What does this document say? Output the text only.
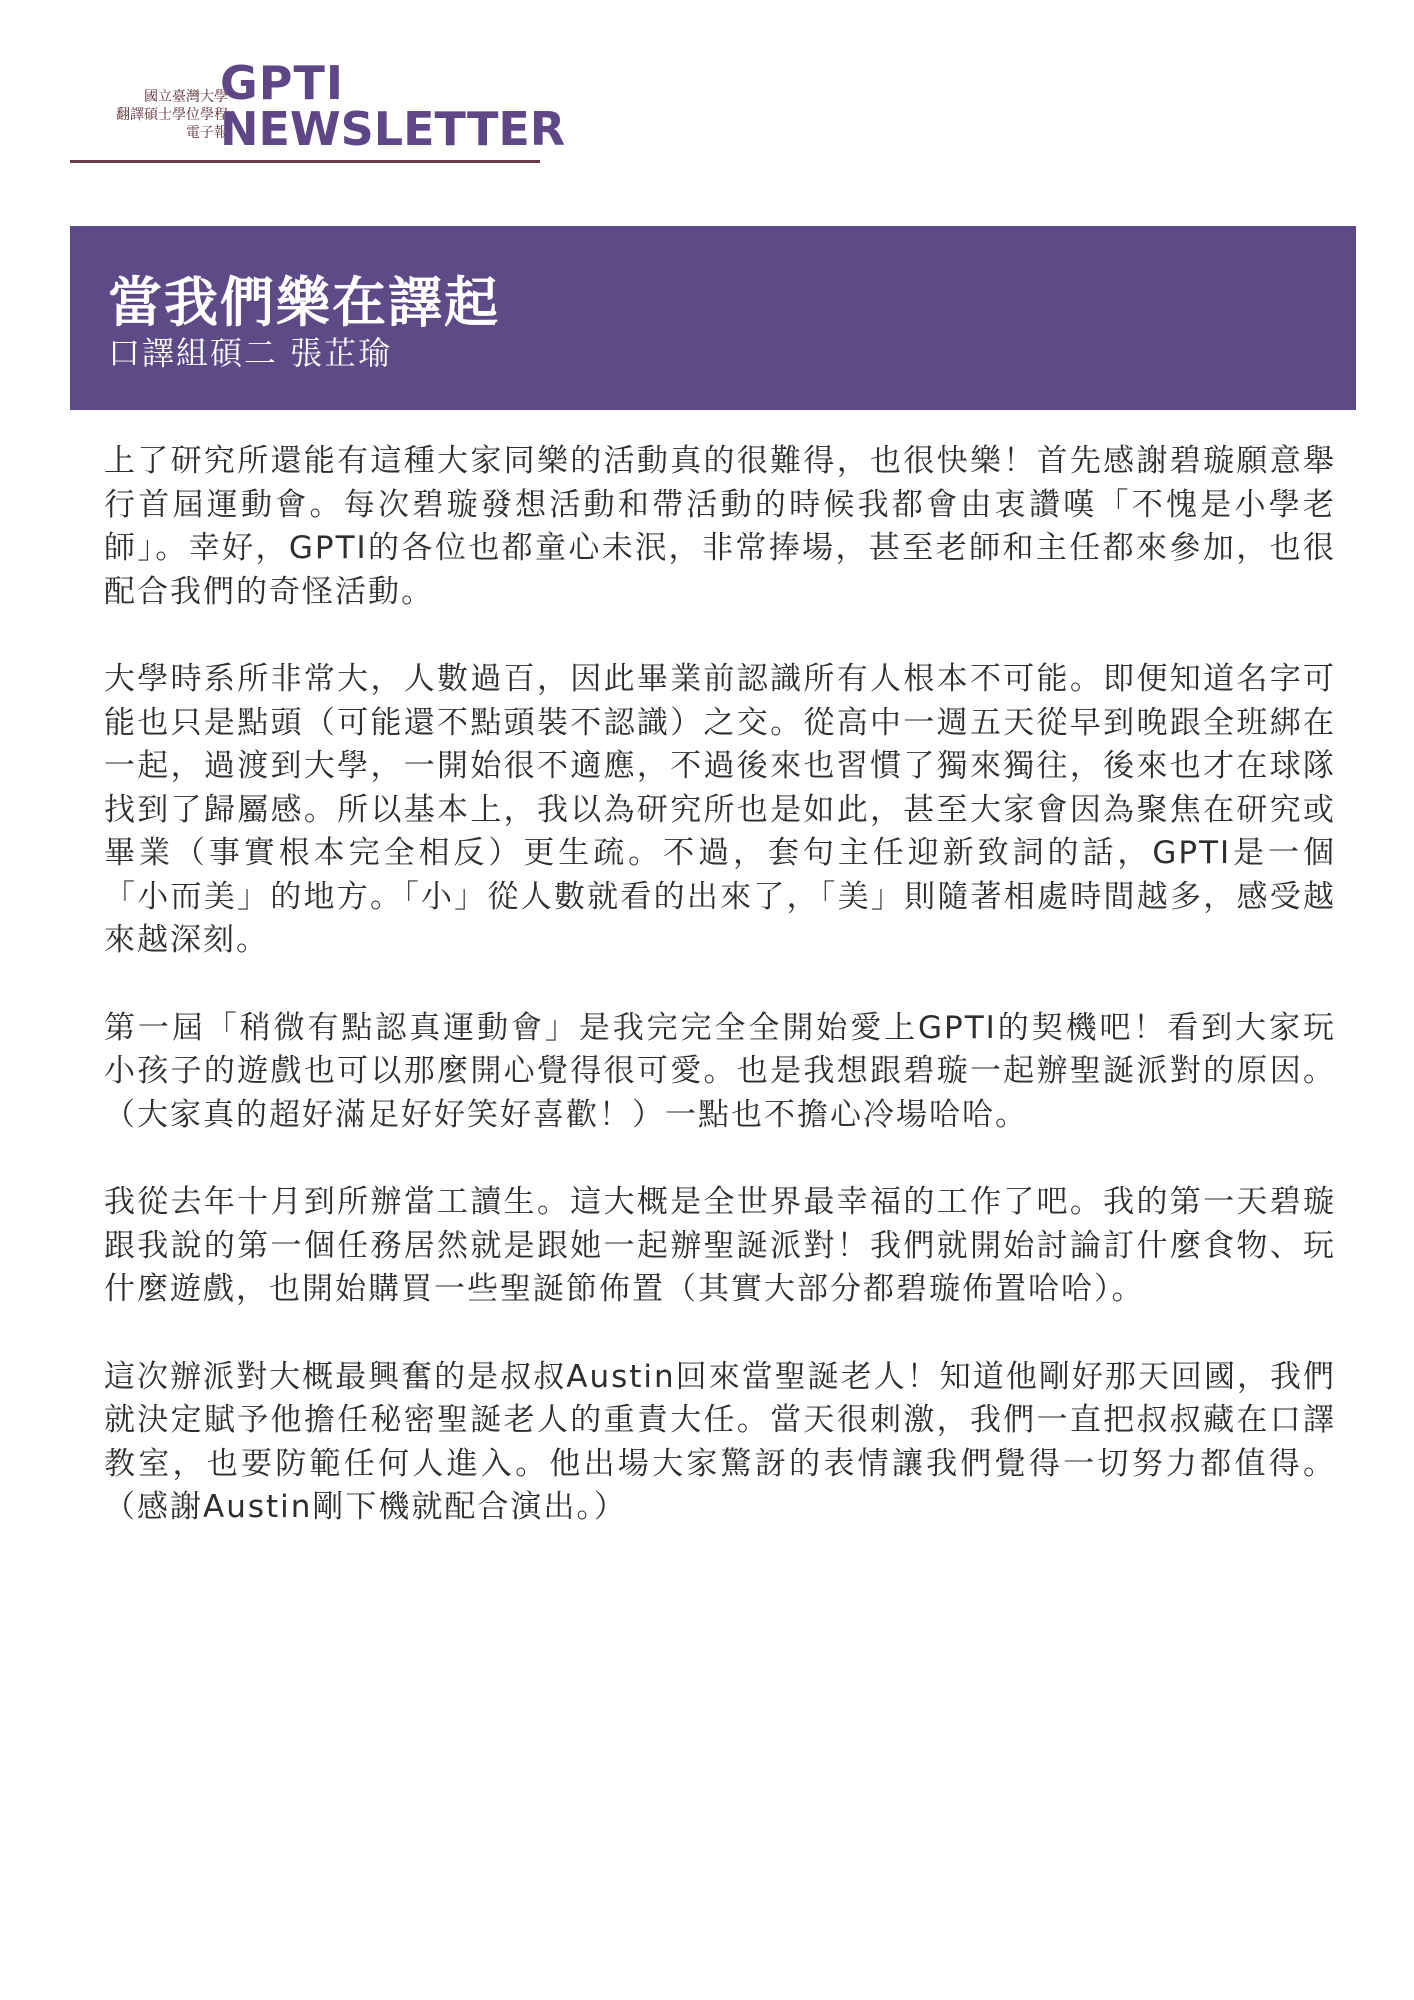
國立臺灣大學
翻譯碩士學位學程
電子報
GPTI
NEWSLETTER
當我們樂在譯起
口譯組碩二 張芷瑜

上了研究所還能有這種大家同樂的活動真的很難得，也很快樂！首先感謝碧璇願意舉行首屆運動會。每次碧璇發想活動和帶活動的時候我都會由衷讚嘆「不愧是小學老師」。幸好，GPTI的各位也都童心未泯，非常捧場，甚至老師和主任都來參加，也很配合我們的奇怪活動。

大學時系所非常大，人數過百，因此畢業前認識所有人根本不可能。即便知道名字可能也只是點頭（可能還不點頭裝不認識）之交。從高中一週五天從早到晚跟全班綁在一起，過渡到大學，一開始很不適應，不過後來也習慣了獨來獨往，後來也才在球隊找到了歸屬感。所以基本上，我以為研究所也是如此，甚至大家會因為聚焦在研究或畢業（事實根本完全相反）更生疏。不過，套句主任迎新致詞的話，GPTI是一個「小而美」的地方。「小」從人數就看的出來了，「美」則隨著相處時間越多，感受越來越深刻。

第一屆「稍微有點認真運動會」是我完完全全開始愛上GPTI的契機吧！看到大家玩小孩子的遊戲也可以那麼開心覺得很可愛。也是我想跟碧璇一起辦聖誕派對的原因。（大家真的超好滿足好好笑好喜歡！）一點也不擔心冷場哈哈。

我從去年十月到所辦當工讀生。這大概是全世界最幸福的工作了吧。我的第一天碧璇跟我說的第一個任務居然就是跟她一起辦聖誕派對！我們就開始討論訂什麼食物、玩什麼遊戲，也開始購買一些聖誕節佈置（其實大部分都碧璇佈置哈哈）。

這次辦派對大概最興奮的是叔叔Austin回來當聖誕老人！知道他剛好那天回國，我們就決定賦予他擔任秘密聖誕老人的重責大任。當天很刺激，我們一直把叔叔藏在口譯教室，也要防範任何人進入。他出場大家驚訝的表情讓我們覺得一切努力都值得。（感謝Austin剛下機就配合演出。）
